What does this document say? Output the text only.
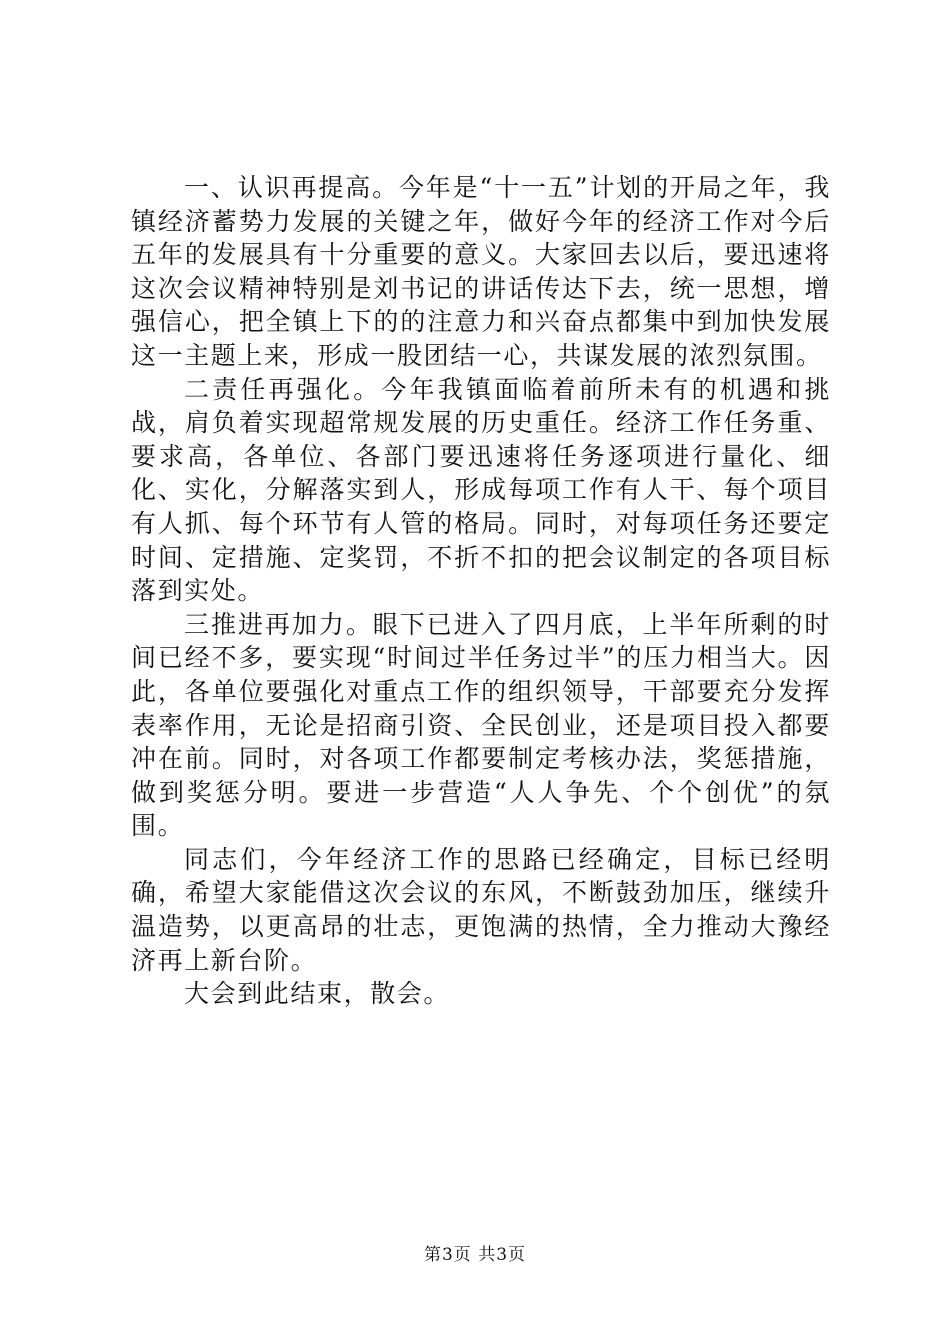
一、认识再提高。今年是“十一五”计划的开局之年，我镇经济蓄势力发展的关键之年，做好今年的经济工作对今后五年的发展具有十分重要的意义。大家回去以后，要迅速将这次会议精神特别是刘书记的讲话传达下去，统一思想，增强信心，把全镇上下的的注意力和兴奋点都集中到加快发展这一主题上来，形成一股团结一心，共谋发展的浓烈氛围。

二责任再强化。今年我镇面临着前所未有的机遇和挑战，肩负着实现超常规发展的历史重任。经济工作任务重、要求高，各单位、各部门要迅速将任务逐项进行量化、细化、实化，分解落实到人，形成每项工作有人干、每个项目有人抓、每个环节有人管的格局。同时，对每项任务还要定时间、定措施、定奖罚，不折不扣的把会议制定的各项目标落到实处。

三推进再加力。眼下已进入了四月底，上半年所剩的时间已经不多，要实现“时间过半任务过半”的压力相当大。因此，各单位要强化对重点工作的组织领导，干部要充分发挥表率作用，无论是招商引资、全民创业，还是项目投入都要冲在前。同时，对各项工作都要制定考核办法，奖惩措施，做到奖惩分明。要进一步营造“人人争先、个个创优”的氛围。

同志们，今年经济工作的思路已经确定，目标已经明确，希望大家能借这次会议的东风，不断鼓劲加压，继续升温造势，以更高昂的壮志，更饱满的热情，全力推动大豫经济再上新台阶。

大会到此结束，散会。

第3页 共3页
